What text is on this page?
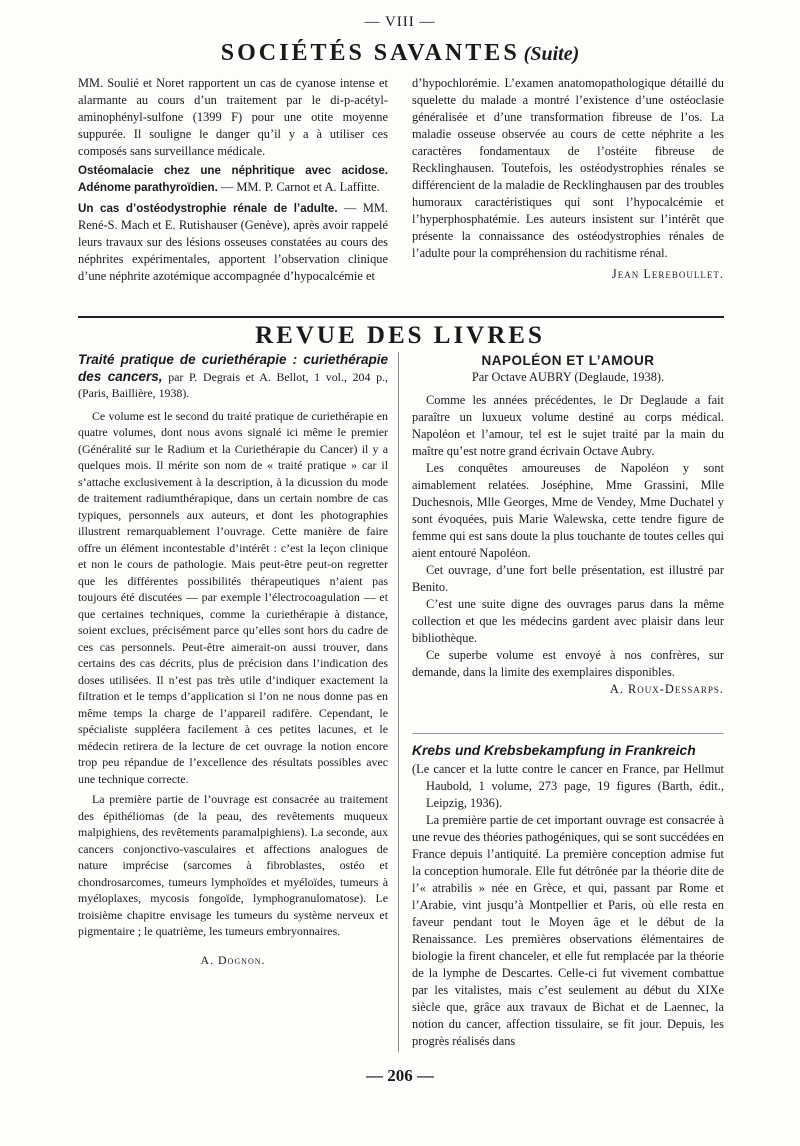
— VIII —
SOCIÉTÉS SAVANTES (Suite)

MM. Soulié et Noret rapportent un cas de cyanose intense et alarmante au cours d’un traitement par le di-p-acétyl-aminophényl-sulfone (1399 F) pour une otite moyenne suppurée. Il souligne le danger qu’il y a à utiliser ces composés sans surveillance médicale.

Ostéomalacie chez une néphritique avec acidose. Adénome parathyroïdien. — MM. P. Carnot et A. Laffitte.

Un cas d’ostéodystrophie rénale de l’adulte. — MM. René-S. Mach et E. Rutishauser (Genève), après avoir rappelé leurs travaux sur des lésions osseuses constatées au cours des néphrites expérimentales, apportent l’observation clinique d’une néphrite azotémique accompagnée d’hypocalcémie et

d’hypochlorémie. L’examen anatomopathologique détaillé du squelette du malade a montré l’existence d’une ostéoclasie généralisée et d’une transformation fibreuse de l’os. La maladie osseuse observée au cours de cette néphrite a les caractères fondamentaux de l’ostéite fibreuse de Recklinghausen. Toutefois, les ostéodystrophies rénales se différencient de la maladie de Recklinghausen par des troubles humoraux caractéristiques qui sont l’hypocalcémie et l’hyperphosphatémie. Les auteurs insistent sur l’intérêt que présente la connaissance des ostéodystrophies rénales de l’adulte pour la compréhension du rachitisme rénal.

Jean Lereboullet.
REVUE DES LIVRES

Traité pratique de curiethérapie : curiethérapie des cancers, par P. Degrais et A. Bellot, 1 vol., 204 p., (Paris, Baillière, 1938).

Ce volume est le second du traité pratique de curiethérapie en quatre volumes, dont nous avons signalé ici même le premier (Généralité sur le Radium et la Curiethérapie du Cancer) il y a quelques mois. Il mérite son nom de « traité pratique » car il s’attache exclusivement à la description, à la dicussion du mode de traitement radiumthérapique, dans un certain nombre de cas typiques, personnels aux auteurs, et dont les photographies illustrent remarquablement l’ouvrage. Cette manière de faire offre un élément incontestable d’intérêt : c’est la leçon clinique et non le cours de pathologie. Mais peut-être peut-on regretter que les différentes possibilités thérapeutiques n’aient pas toujours été discutées — par exemple l’électrocoagulation — et que certaines techniques, comme la curiethérapie à distance, soient exclues, précisément parce qu’elles sont hors du cadre de ces cas personnels. Peut-être aimerait-on aussi trouver, dans certains des cas décrits, plus de précision dans l’indication des doses utilisées. Il n’est pas très utile d’indiquer exactement la filtration et le temps d’application si l’on ne nous donne pas en même temps la charge de l’appareil radifère. Cependant, le spécialiste suppléera facilement à ces petites lacunes, et le médecin retirera de la lecture de cet ouvrage la notion encore trop peu répandue de l’excellence des résultats possibles avec une technique correcte.

La première partie de l’ouvrage est consacrée au traitement des épithéliomas (de la peau, des revêtements muqueux malpighiens, des revêtements paramalpighiens). La seconde, aux cancers conjonctivo-vasculaires et affections analogues de nature imprécise (sarcomes à fibroblastes, ostéo et chondrosarcomes, tumeurs lymphoïdes et myéloïdes, tumeurs à myéloplaxes, mycosis fongoïde, lymphogranulomatose). Le troisième chapitre envisage les tumeurs du système nerveux et pigmentaire ; le quatrième, les tumeurs embryonnaires.

A. Dognon.
NAPOLÉON ET L’AMOUR
Par Octave AUBRY (Deglaude, 1938).

Comme les années précédentes, le Dr Deglaude a fait paraître un luxueux volume destiné au corps médical. Napoléon et l’amour, tel est le sujet traité par la main du maître qu’est notre grand écrivain Octave Aubry.

Les conquêtes amoureuses de Napoléon y sont aimablement relatées. Joséphine, Mme Grassini, Mlle Duchesnois, Mlle Georges, Mme de Vendey, Mme Duchatel y sont évoquées, puis Marie Walewska, cette tendre figure de femme qui est sans doute la plus touchante de toutes celles qui aient entouré Napoléon.

Cet ouvrage, d’une fort belle présentation, est illustré par Benito.

C’est une suite digne des ouvrages parus dans la même collection et que les médecins gardent avec plaisir dans leur bibliothèque.

Ce superbe volume est envoyé à nos confrères, sur demande, dans la limite des exemplaires disponibles.

A. Roux-Dessarps.
Krebs und Krebsbekampfung in Frankreich

(Le cancer et la lutte contre le cancer en France, par Hellmut Haubold, 1 volume, 273 page, 19 figures (Barth, édit., Leipzig, 1936).

La première partie de cet important ouvrage est consacrée à une revue des théories pathogéniques, qui se sont succédées en France depuis l’antiquité. La première conception admise fut la conception humorale. Elle fut détrônée par la théorie dite de l’« atrabilis » née en Grèce, et qui, passant par Rome et l’Arabie, vint jusqu’à Montpellier et Paris, où elle resta en faveur pendant tout le Moyen âge et le début de la Renaissance. Les premières observations élémentaires de biologie la firent chanceler, et elle fut remplacée par la théorie de la lymphe de Descartes. Celle-ci fut vivement combattue par les vitalistes, mais c’est seulement au début du XIXe siècle que, grâce aux travaux de Bichat et de Laennec, la notion du cancer, affection tissulaire, se fit jour. Depuis, les progrès réalisés dans

— 206 —
